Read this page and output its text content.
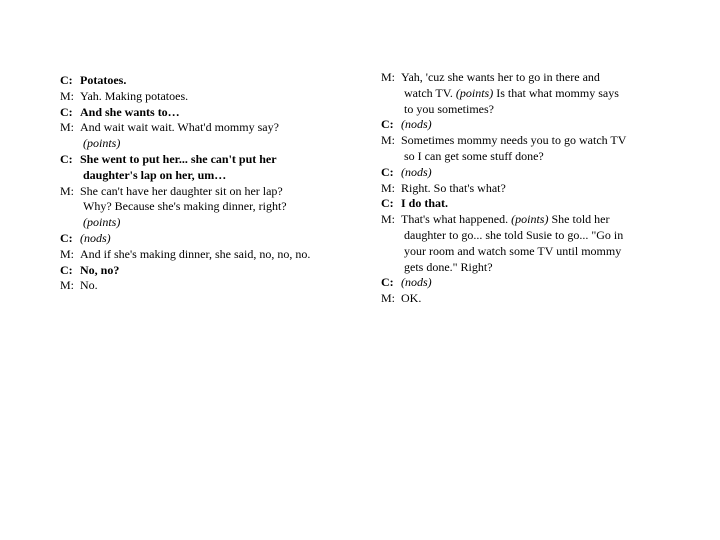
C: Potatoes.
M: Yah. Making potatoes.
C: And she wants to…
M: And wait wait wait. What'd mommy say?
(points)
C: She went to put her... she can't put her
daughter's lap on her, um…
M: She can't have her daughter sit on her lap?
Why? Because she's making dinner, right?
(points)
C: (nods)
M: And if she's making dinner, she said, no, no, no.
C: No, no?
M: No.
M: Yah, 'cuz she wants her to go in there and
watch TV. (points) Is that what mommy says
to you sometimes?
C: (nods)
M: Sometimes mommy needs you to go watch TV
so I can get some stuff done?
C: (nods)
M: Right. So that's what?
C: I do that.
M: That's what happened. (points) She told her
daughter to go... she told Susie to go... "Go in
your room and watch some TV until mommy
gets done." Right?
C: (nods)
M: OK.
